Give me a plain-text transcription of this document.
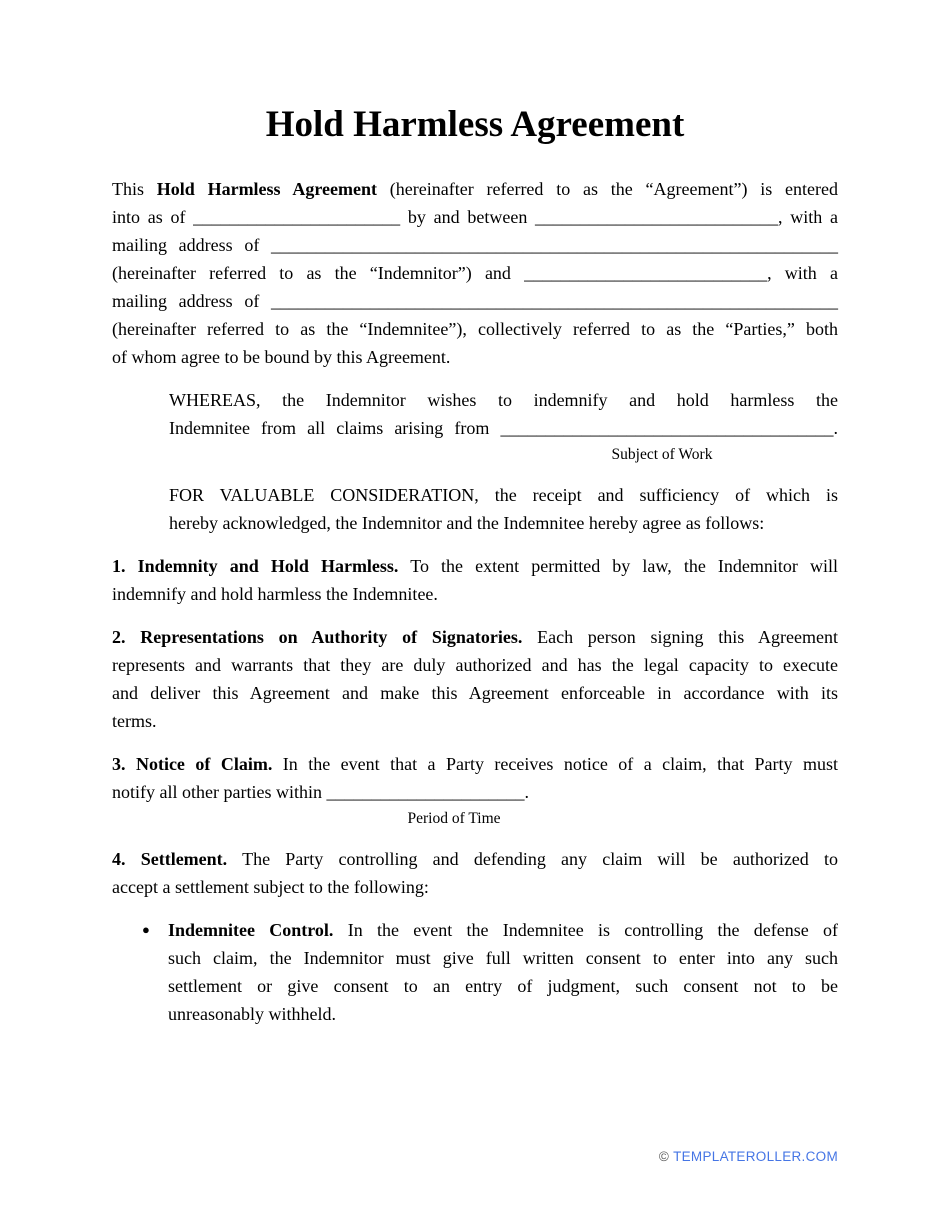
Hold Harmless Agreement
This Hold Harmless Agreement (hereinafter referred to as the “Agreement”) is entered
into as of _______________________ by and between ___________________________, with a
mailing address of _______________________________________________________________
(hereinafter referred to as the “Indemnitor”) and ___________________________, with a
mailing address of _______________________________________________________________
(hereinafter referred to as the “Indemnitee”), collectively referred to as the “Parties,” both
of whom agree to be bound by this Agreement.
WHEREAS, the Indemnitor wishes to indemnify and hold harmless the
Indemnitee from all claims arising from _____________________________________.
Subject of Work
FOR VALUABLE CONSIDERATION, the receipt and sufficiency of which is
hereby acknowledged, the Indemnitor and the Indemnitee hereby agree as follows:
1. Indemnity and Hold Harmless. To the extent permitted by law, the Indemnitor will
indemnify and hold harmless the Indemnitee.
2. Representations on Authority of Signatories. Each person signing this Agreement
represents and warrants that they are duly authorized and has the legal capacity to execute
and deliver this Agreement and make this Agreement enforceable in accordance with its
terms.
3. Notice of Claim. In the event that a Party receives notice of a claim, that Party must
notify all other parties within ______________________.
Period of Time
4. Settlement. The Party controlling and defending any claim will be authorized to
accept a settlement subject to the following:
● Indemnitee Control. In the event the Indemnitee is controlling the defense of
such claim, the Indemnitor must give full written consent to enter into any such
settlement or give consent to an entry of judgment, such consent not to be
unreasonably withheld.
© TEMPLATEROLLER.COM
